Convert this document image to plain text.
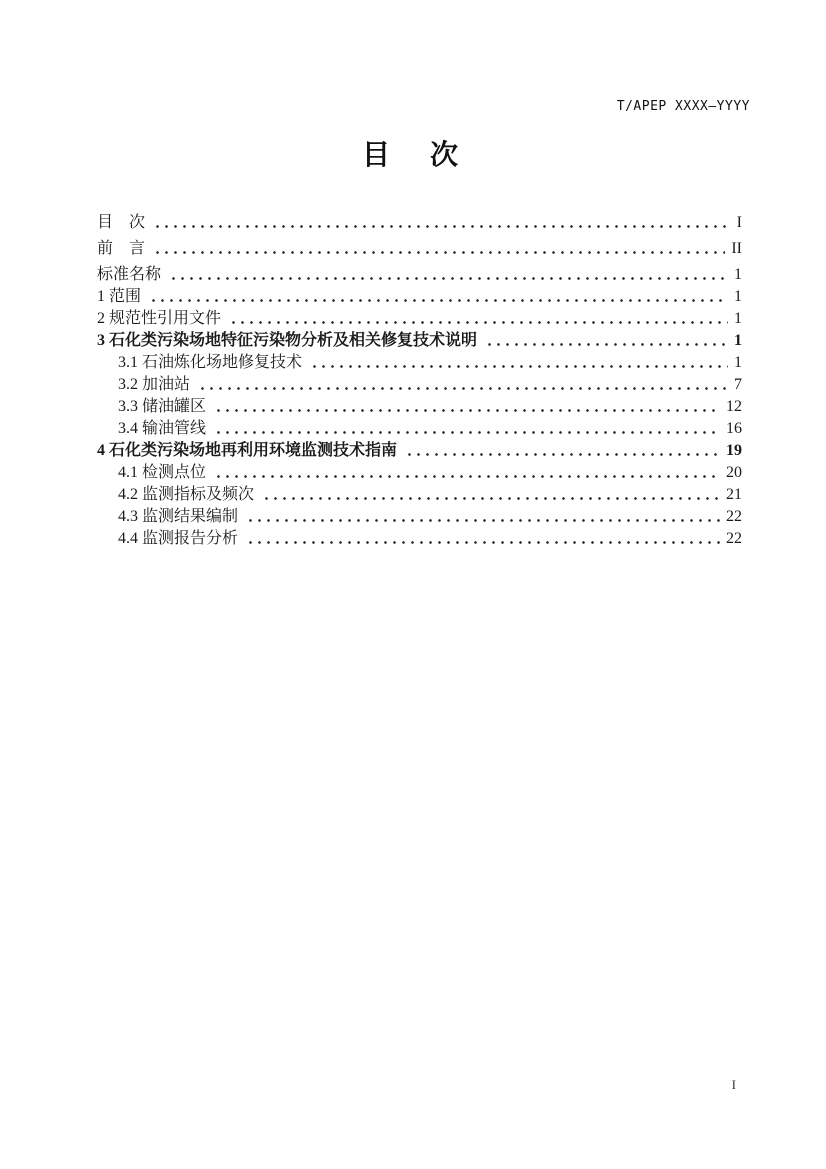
T/APEP XXXX—YYYY
目　次
目　次	I
前　言	II
标准名称	1
1 范围	1
2 规范性引用文件	1
3 石化类污染场地特征污染物分析及相关修复技术说明	1
3.1 石油炼化场地修复技术	1
3.2 加油站	7
3.3 储油罐区	12
3.4 输油管线	16
4 石化类污染场地再利用环境监测技术指南	19
4.1 检测点位	20
4.2 监测指标及频次	21
4.3 监测结果编制	22
4.4 监测报告分析	22
I
